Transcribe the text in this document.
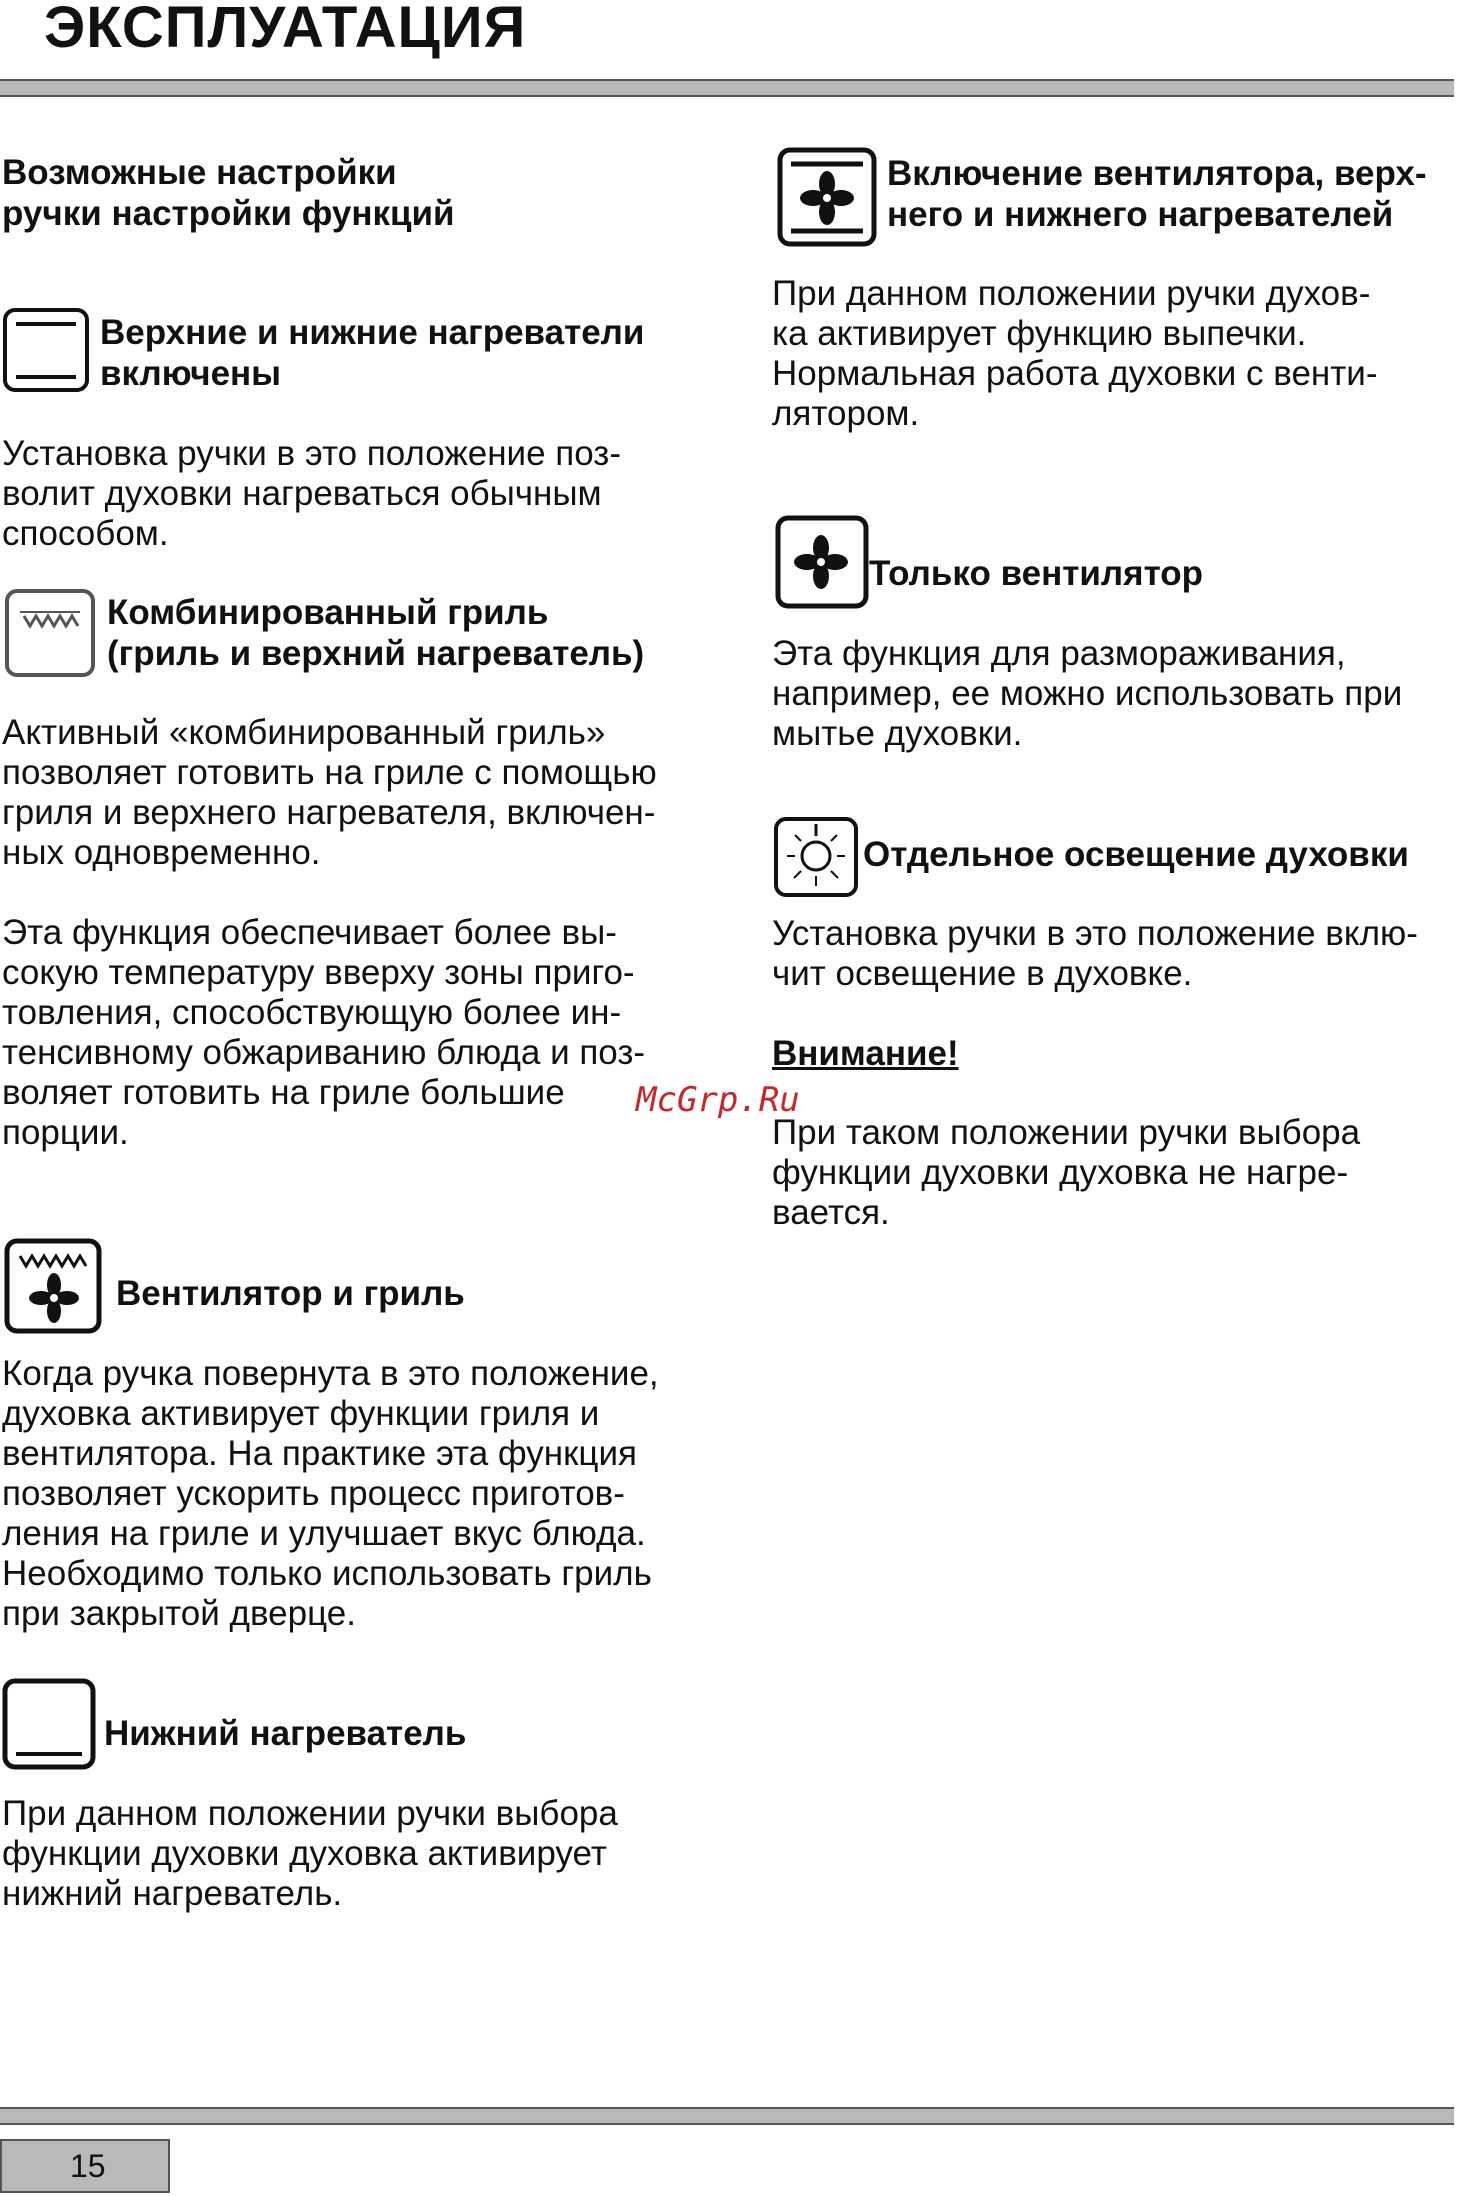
ЭКСПЛУАТАЦИЯ

Возможные настройки
ручки настройки функций

Верхние и нижние нагреватели
включены

Установка ручки в это положение поз-
волит духовки нагреваться обычным
способом.

Комбинированный гриль
(гриль и верхний нагреватель)

Активный «комбинированный гриль»
позволяет готовить на гриле с помощью
гриля и верхнего нагревателя, включен-
ных одновременно.

Эта функция обеспечивает более вы-
сокую температуру вверху зоны приго-
товления, способствующую более ин-
тенсивному обжариванию блюда и поз-
воляет готовить на гриле большие
порции.

Вентилятор и гриль

Когда ручка повернута в это положение,
духовка активирует функции гриля и
вентилятора. На практике эта функция
позволяет ускорить процесс приготов-
ления на гриле и улучшает вкус блюда.
Необходимо только использовать гриль
при закрытой дверце.

Нижний нагреватель

При данном положении ручки выбора
функции духовки духовка активирует
нижний нагреватель.

Включение вентилятора, верх-
него и нижнего нагревателей

При данном положении ручки духов-
ка активирует функцию выпечки.
Нормальная работа духовки с венти-
лятором.

Только вентилятор

Эта функция для размораживания,
например, ее можно использовать при
мытье духовки.

Отдельное освещение духовки

Установка ручки в это положение вклю-
чит освещение в духовке.

Внимание!

При таком положении ручки выбора
функции духовки духовка не нагре-
вается.

McGrp.Ru

15
